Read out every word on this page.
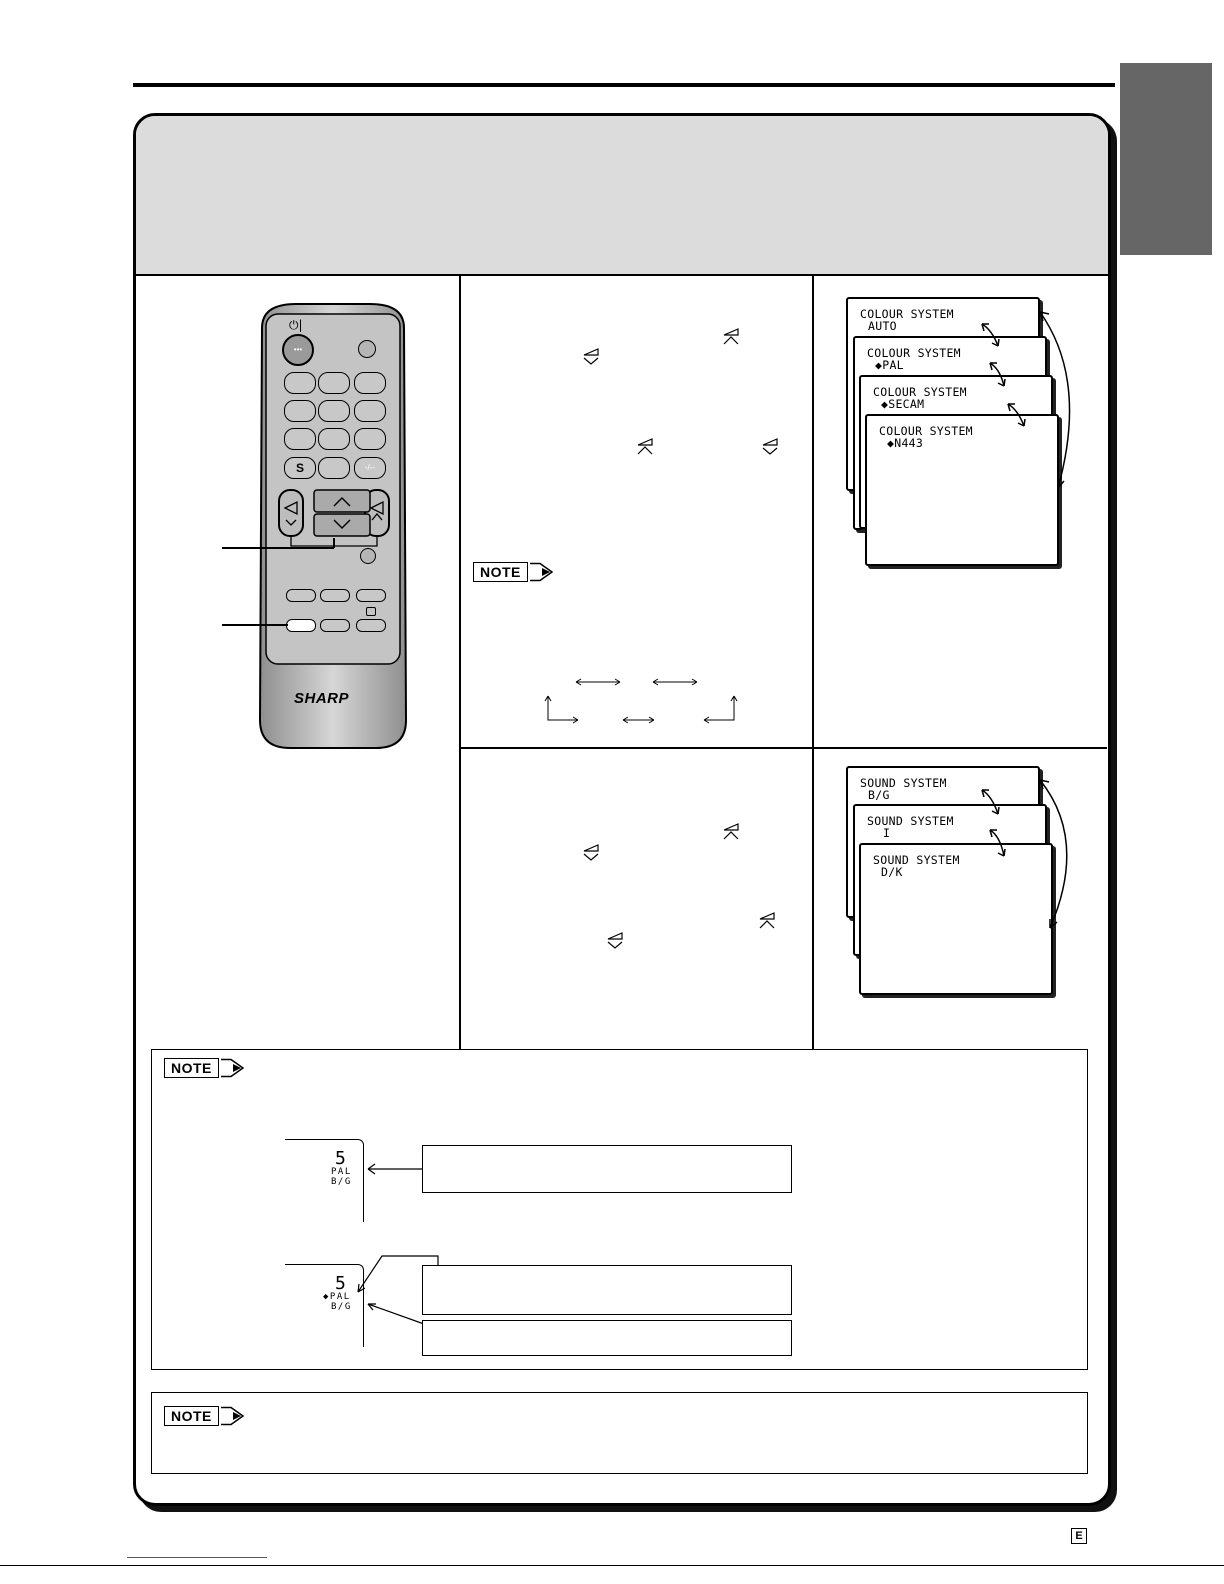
⏻|
•••
S	-/--
SHARP
NOTE
COLOUR SYSTEM
AUTO
COLOUR SYSTEM
◆PAL
COLOUR SYSTEM
◆SECAM
COLOUR SYSTEM
◆N443
SOUND SYSTEM
B/G
SOUND SYSTEM
I
SOUND SYSTEM
D/K
NOTE
5
PAL
B/G
5
◆PAL
B/G
NOTE
E
